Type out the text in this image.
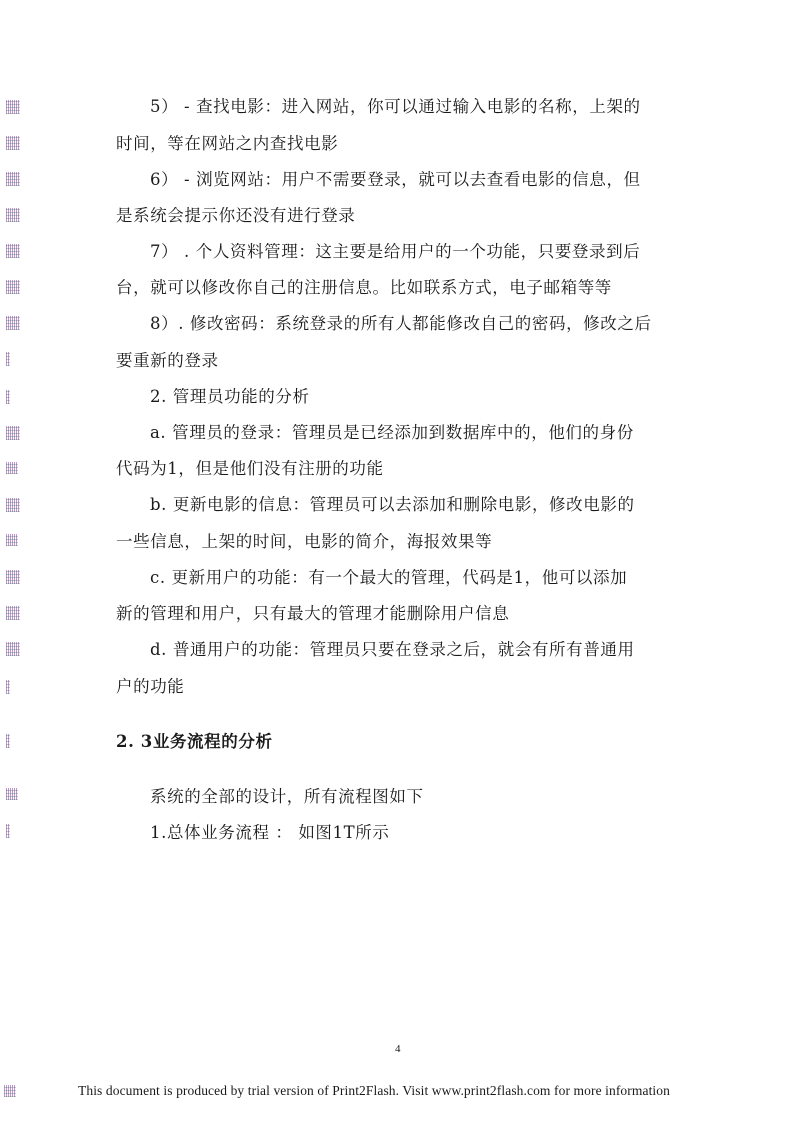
5） - 查找电影：进入网站，你可以通过输入电影的名称，上架的
时间，等在网站之内查找电影
6） - 浏览网站：用户不需要登录，就可以去查看电影的信息，但
是系统会提示你还没有进行登录
7） . 个人资料管理：这主要是给用户的一个功能，只要登录到后
台，就可以修改你自己的注册信息。比如联系方式，电子邮箱等等
8）. 修改密码：系统登录的所有人都能修改自己的密码，修改之后
要重新的登录
2. 管理员功能的分析
a. 管理员的登录：管理员是已经添加到数据库中的，他们的身份
代码为1，但是他们没有注册的功能
b. 更新电影的信息：管理员可以去添加和删除电影，修改电影的
一些信息，上架的时间，电影的简介，海报效果等
c. 更新用户的功能：有一个最大的管理，代码是1，他可以添加
新的管理和用户，只有最大的管理才能删除用户信息
d. 普通用户的功能：管理员只要在登录之后，就会有所有普通用
户的功能
2. 3业务流程的分析
系统的全部的设计，所有流程图如下
1.总体业务流程 ： 如图1T所示
4
This document is produced by trial version of Print2Flash. Visit www.print2flash.com for more information
